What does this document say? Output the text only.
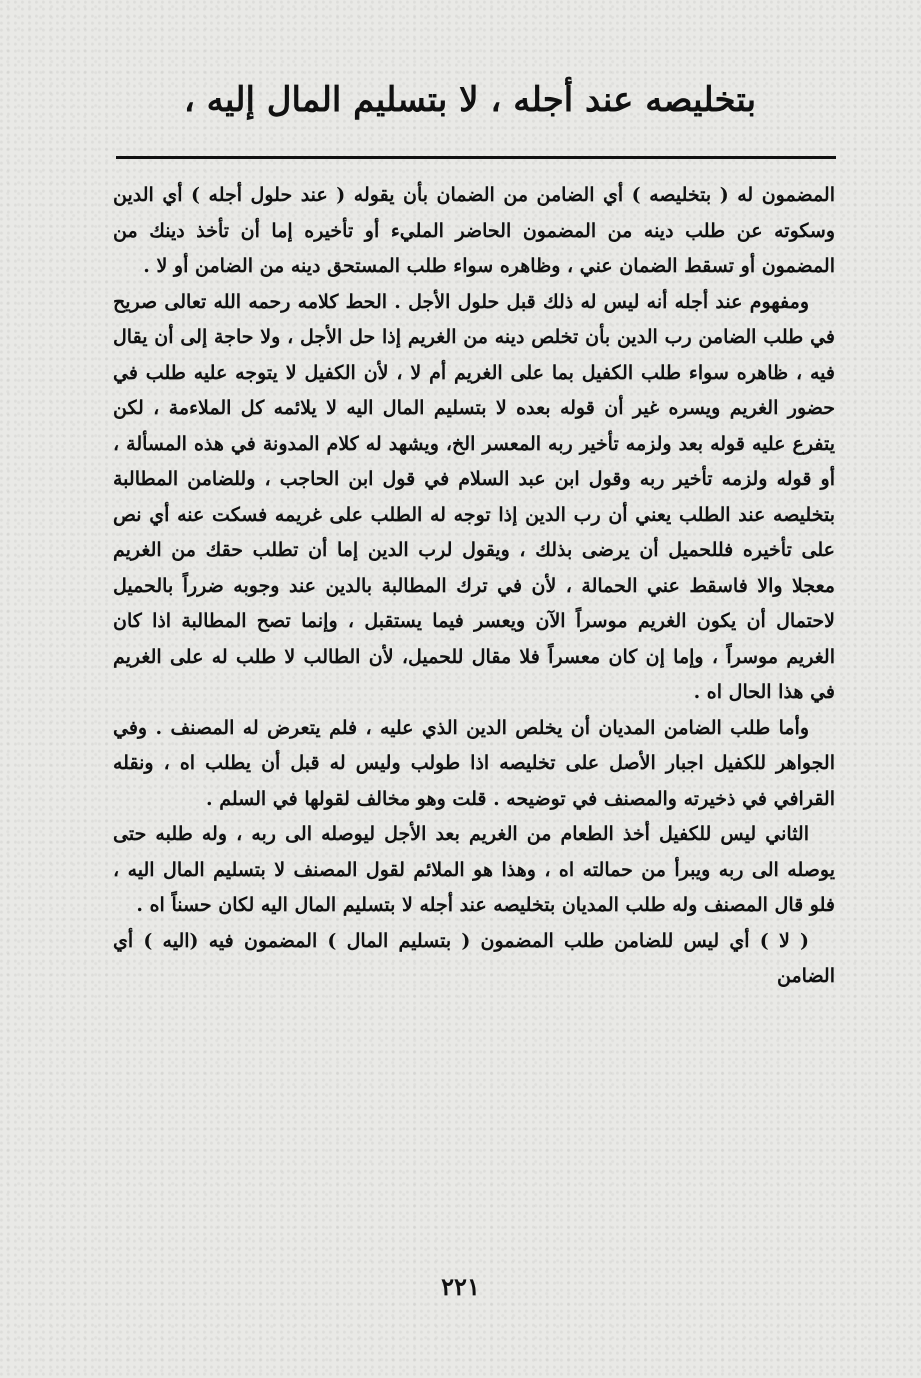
بتخليصه عند أجله ، لا بتسليم المال إليه ،

المضمون له ( بتخليصه ) أي الضامن من الضمان بأن يقوله ( عند حلول أجله ) أي الدين وسكوته عن طلب دينه من المضمون الحاضر المليء أو تأخيره إما أن تأخذ دينك من المضمون أو تسقط الضمان عني ، وظاهره سواء طلب المستحق دينه من الضامن أو لا .

ومفهوم عند أجله أنه ليس له ذلك قبل حلول الأجل . الحط كلامه رحمه الله تعالى صريح في طلب الضامن رب الدين بأن تخلص دينه من الغريم إذا حل الأجل ، ولا حاجة إلى أن يقال فيه ، ظاهره سواء طلب الكفيل بما على الغريم أم لا ، لأن الكفيل لا يتوجه عليه طلب في حضور الغريم ويسره غير أن قوله بعده لا بتسليم المال اليه لا يلائمه كل الملاءمة ، لكن يتفرع عليه قوله بعد ولزمه تأخير ربه المعسر الخ، ويشهد له كلام المدونة في هذه المسألة ، أو قوله ولزمه تأخير ربه وقول ابن عبد السلام في قول ابن الحاجب ، وللضامن المطالبة بتخليصه عند الطلب يعني أن رب الدين إذا توجه له الطلب على غريمه فسكت عنه أي نص على تأخيره فللحميل أن يرضى بذلك ، ويقول لرب الدين إما أن تطلب حقك من الغريم معجلا والا فاسقط عني الحمالة ، لأن في ترك المطالبة بالدين عند وجوبه ضرراً بالحميل لاحتمال أن يكون الغريم موسراً الآن ويعسر فيما يستقبل ، وإنما تصح المطالبة اذا كان الغريم موسراً ، وإما إن كان معسراً فلا مقال للحميل، لأن الطالب لا طلب له على الغريم في هذا الحال اه .

وأما طلب الضامن المديان أن يخلص الدين الذي عليه ، فلم يتعرض له المصنف . وفي الجواهر للكفيل اجبار الأصل على تخليصه اذا طولب وليس له قبل أن يطلب اه ، ونقله القرافي في ذخيرته والمصنف في توضيحه . قلت وهو مخالف لقولها في السلم .

الثاني ليس للكفيل أخذ الطعام من الغريم بعد الأجل ليوصله الى ربه ، وله طلبه حتى يوصله الى ربه ويبرأ من حمالته اه ، وهذا هو الملائم لقول المصنف لا بتسليم المال اليه ، فلو قال المصنف وله طلب المديان بتخليصه عند أجله لا بتسليم المال اليه لكان حسناً اه .

( لا ) أي ليس للضامن طلب المضمون ( بتسليم المال ) المضمون فيه (اليه ) أي الضامن

٢٢١
